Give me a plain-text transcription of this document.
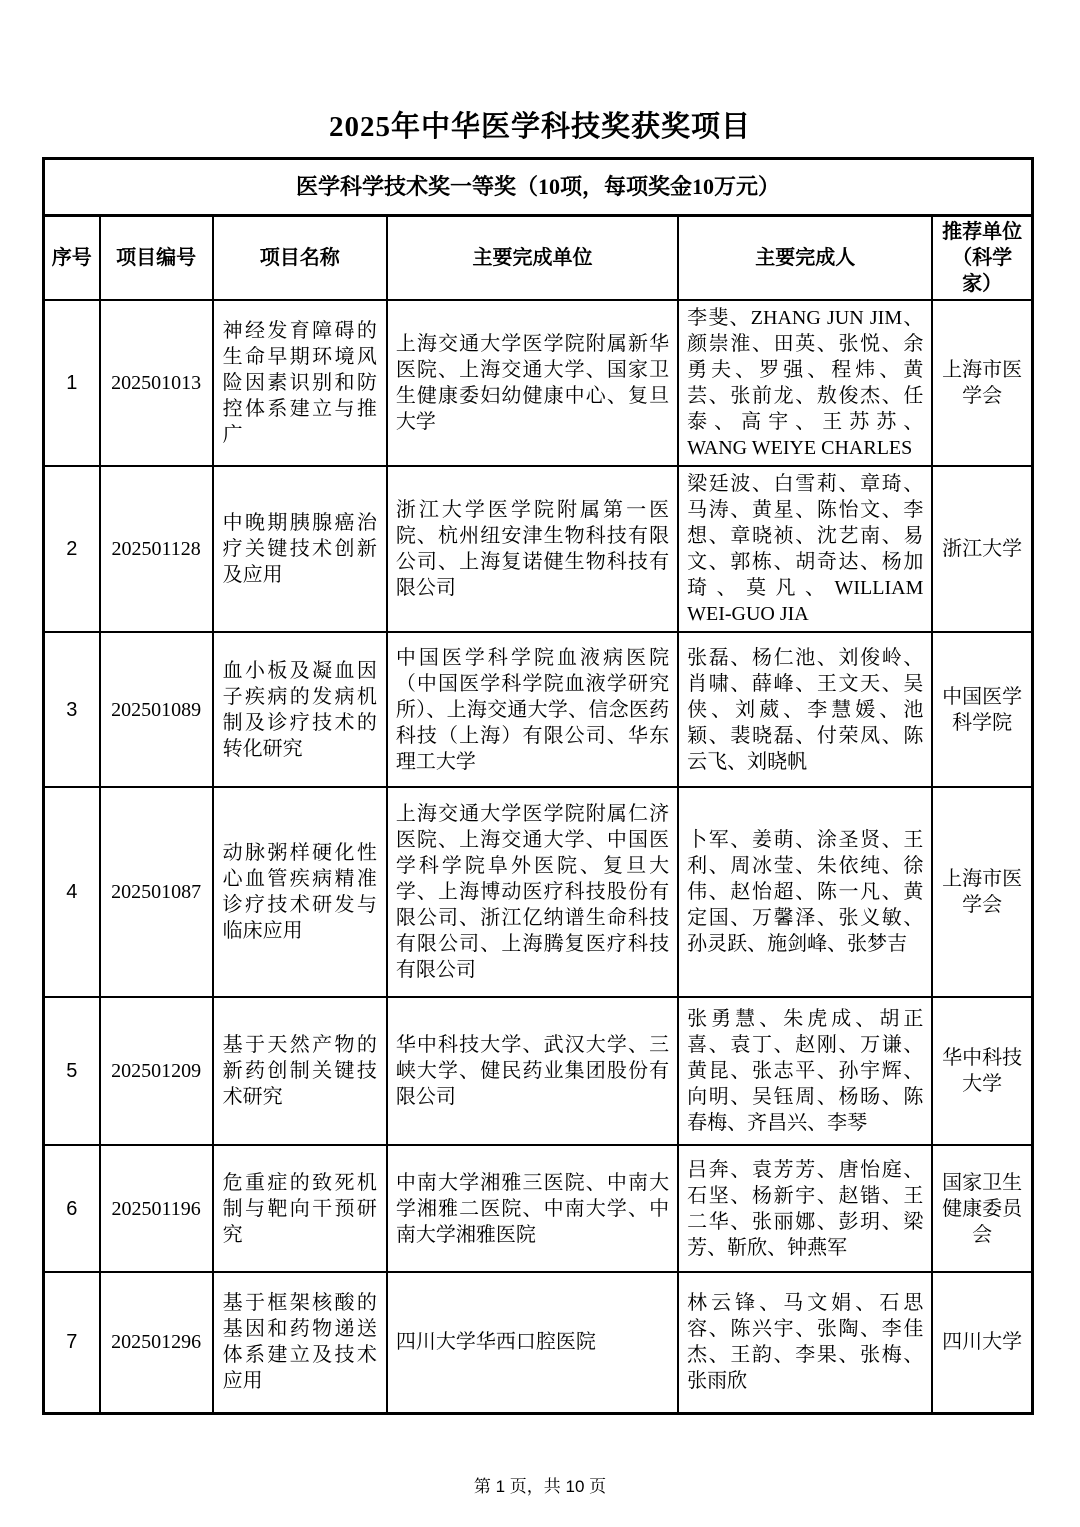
2025年中华医学科技奖获奖项目
医学科学技术奖一等奖（10项，每项奖金10万元）					
序号	项目编号	项目名称	主要完成单位	主要完成人	推荐单位（科学家）
1	202501013	神经发育障碍的生命早期环境风险因素识别和防控体系建立与推广	上海交通大学医学院附属新华医院、上海交通大学、国家卫生健康委妇幼健康中心、复旦大学	李斐、ZHANG JUN JIM、颜崇淮、田英、张悦、余勇夫、罗强、程炜、黄芸、张前龙、敖俊杰、任泰、高宇、王苏苏、WANG WEIYE CHARLES	上海市医学会
2	202501128	中晚期胰腺癌治疗关键技术创新及应用	浙江大学医学院附属第一医院、杭州纽安津生物科技有限公司、上海复诺健生物科技有限公司	梁廷波、白雪莉、章琦、马涛、黄星、陈怡文、李想、章晓祯、沈艺南、易文、郭栋、胡奇达、杨加琦、莫凡、WILLIAM WEI-GUO JIA	浙江大学
3	202501089	血小板及凝血因子疾病的发病机制及诊疗技术的转化研究	中国医学科学院血液病医院（中国医学科学院血液学研究所）、上海交通大学、信念医药科技（上海）有限公司、华东理工大学	张磊、杨仁池、刘俊岭、肖啸、薛峰、王文天、吴侠、刘葳、李慧媛、池颖、裴晓磊、付荣凤、陈云飞、刘晓帆	中国医学科学院
4	202501087	动脉粥样硬化性心血管疾病精准诊疗技术研发与临床应用	上海交通大学医学院附属仁济医院、上海交通大学、中国医学科学院阜外医院、复旦大学、上海博动医疗科技股份有限公司、浙江亿纳谱生命科技有限公司、上海腾复医疗科技有限公司	卜军、姜萌、涂圣贤、王利、周冰莹、朱依纯、徐伟、赵怡超、陈一凡、黄定国、万馨泽、张义敏、孙灵跃、施剑峰、张梦吉	上海市医学会
5	202501209	基于天然产物的新药创制关键技术研究	华中科技大学、武汉大学、三峡大学、健民药业集团股份有限公司	张勇慧、朱虎成、胡正喜、袁丁、赵刚、万谦、黄昆、张志平、孙宇辉、向明、吴钰周、杨旸、陈春梅、齐昌兴、李琴	华中科技大学
6	202501196	危重症的致死机制与靶向干预研究	中南大学湘雅三医院、中南大学湘雅二医院、中南大学、中南大学湘雅医院	吕奔、袁芳芳、唐怡庭、石坚、杨新宇、赵锴、王二华、张丽娜、彭玥、梁芳、靳欣、钟燕军	国家卫生健康委员会
7	202501296	基于框架核酸的基因和药物递送体系建立及技术应用	四川大学华西口腔医院	林云锋、马文娟、石思容、陈兴宇、张陶、李佳杰、王韵、李果、张梅、张雨欣	四川大学
第 1 页，共 10 页
